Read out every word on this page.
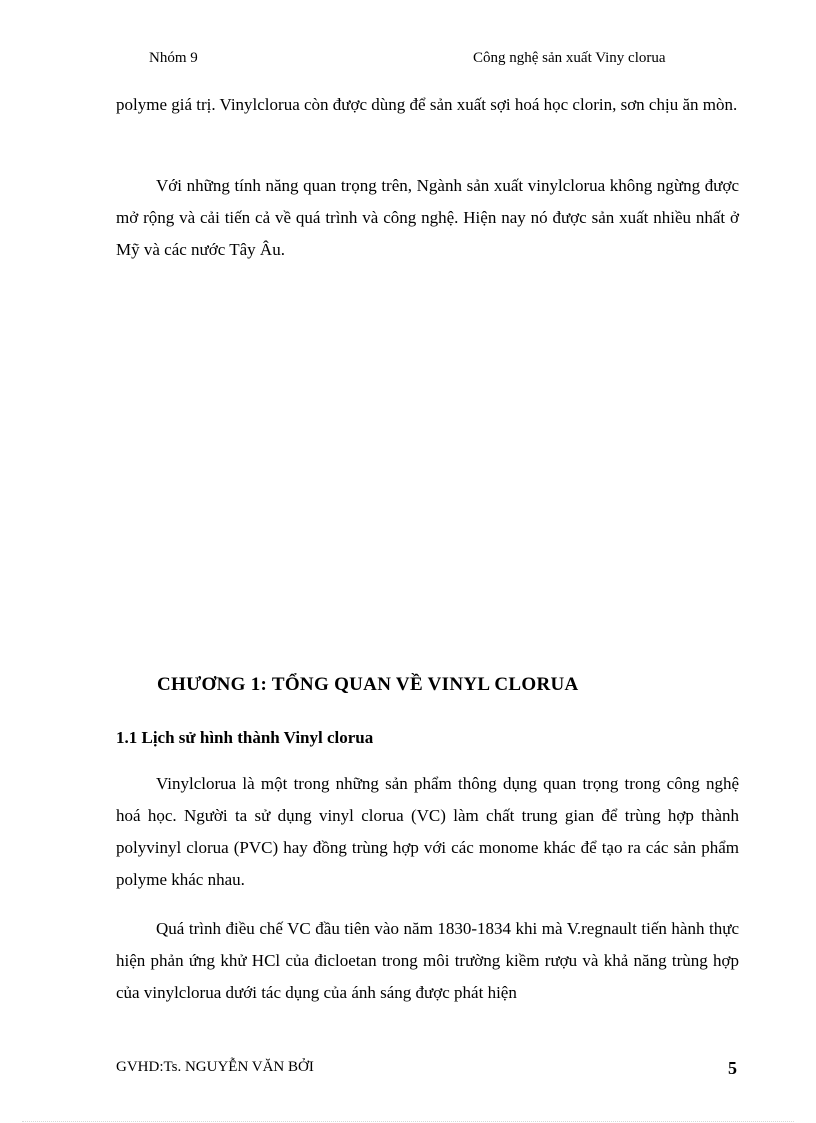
Nhóm 9	Công nghệ sản xuất Viny clorua

polyme giá trị. Vinylclorua còn được dùng để sản xuất sợi hoá học clorin, sơn chịu ăn mòn.

Với những tính năng quan trọng trên, Ngành sản xuất vinylclorua không ngừng được mở rộng và cải tiến cả về quá trình và công nghệ. Hiện nay nó được sản xuất nhiều nhất ở Mỹ và các nước Tây Âu.

CHƯƠNG 1: TỔNG QUAN VỀ VINYL CLORUA
1.1 Lịch sử hình thành Vinyl clorua

Vinylclorua là một trong những sản phẩm thông dụng quan trọng trong công nghệ hoá học. Người ta sử dụng vinyl clorua (VC) làm chất trung gian để trùng hợp thành polyvinyl clorua (PVC) hay đồng trùng hợp với các monome khác để tạo ra các sản phẩm polyme khác nhau.

Quá trình điều chế VC đầu tiên vào năm 1830-1834 khi mà V.regnault tiến hành thực hiện phản ứng khử HCl của đicloetan trong môi trường kiềm rượu và khả năng trùng hợp của vinylclorua dưới tác dụng của ánh sáng được phát hiện

GVHD:Ts. NGUYỄN VĂN BỞI	5
